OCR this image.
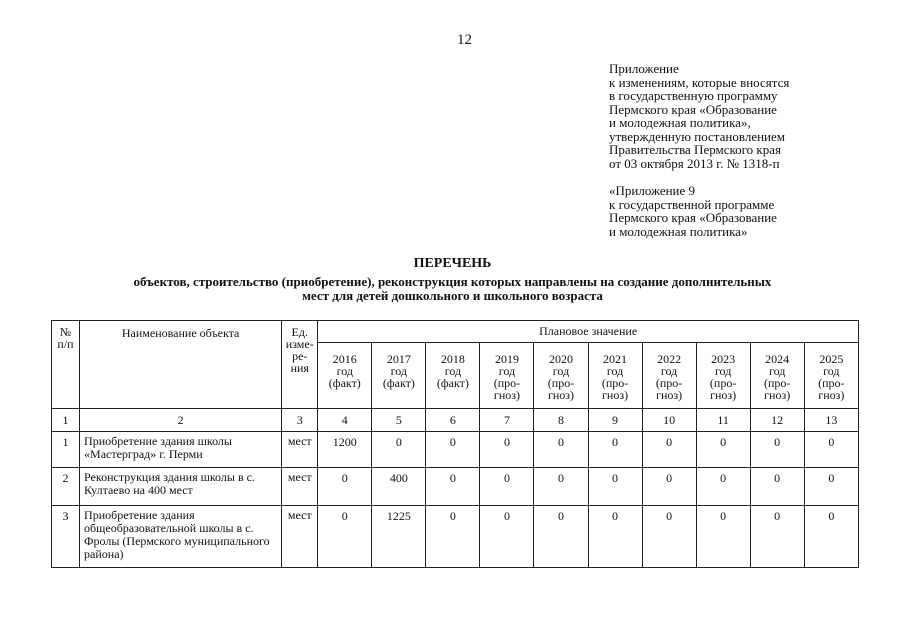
12
Приложение
к изменениям, которые вносятся
в государственную программу
Пермского края «Образование
и молодежная политика»,
утвержденную постановлением
Правительства Пермского края
от 03 октября 2013 г. № 1318-п
«Приложение 9
к государственной программе
Пермского края «Образование
и молодежная политика»
ПЕРЕЧЕНЬ
объектов, строительство (приобретение), реконструкция которых направлены на создание дополнительных мест для детей дошкольного и школьного возраста
№
п/п	Наименование объекта	Ед.
изме-
ре-
ния	Плановое значение									
			2016
год
(факт)	2017
год
(факт)	2018
год
(факт)	2019
год
(про-
гноз)	2020
год
(про-
гноз)	2021
год
(про-
гноз)	2022
год
(про-
гноз)	2023
год
(про-
гноз)	2024
год
(про-
гноз)	2025
год
(про-
гноз)
1	2	3	4	5	6	7	8	9	10	11	12	13
1	Приобретение здания школы «Мастерград» г. Перми	мест	1200	0	0	0	0	0	0	0	0	0
2	Реконструкция здания школы в с. Култаево на 400 мест	мест	0	400	0	0	0	0	0	0	0	0
3	Приобретение здания общеобразовательной школы в с. Фролы (Пермского муниципального района)	мест	0	1225	0	0	0	0	0	0	0	0
